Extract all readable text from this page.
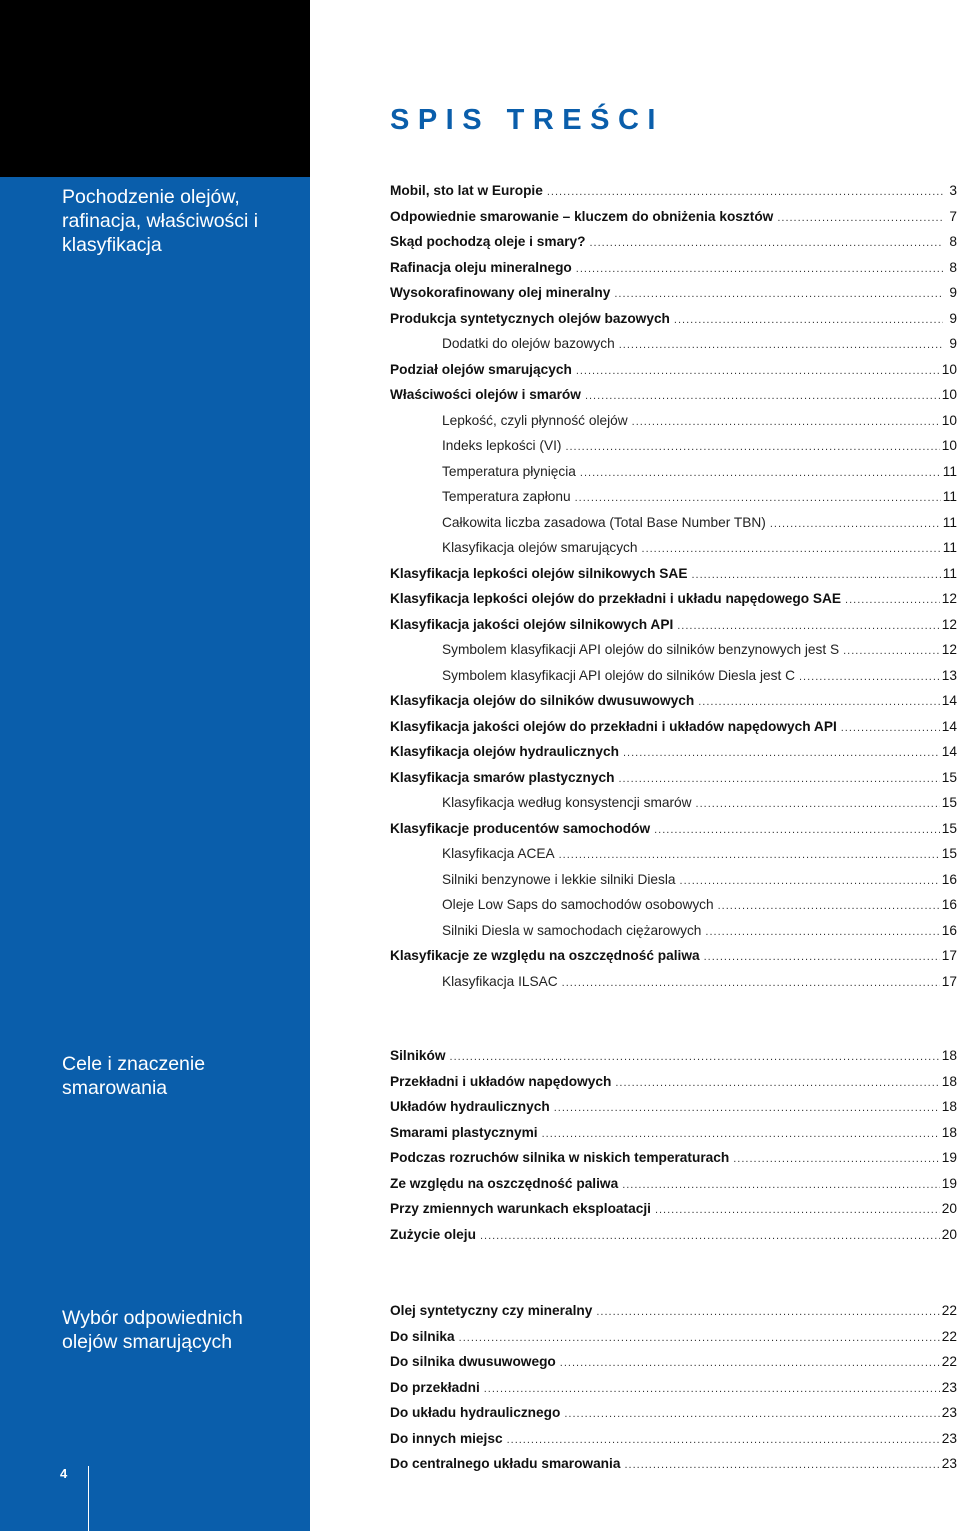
SPIS TREŚCI
Pochodzenie olejów, rafinacja, właściwości i klasyfikacja
Mobil, sto lat w Europie .....	3
Odpowiednie smarowanie – kluczem do obniżenia kosztów .....	7
Skąd pochodzą oleje i smary? .....	8
Rafinacja oleju mineralnego .....	8
Wysokorafinowany olej mineralny .....	9
Produkcja syntetycznych olejów bazowych .....	9
Dodatki do olejów bazowych .....	9
Podział olejów smarujących .....	10
Właściwości olejów i smarów .....	10
Lepkość, czyli płynność olejów .....	10
Indeks lepkości (VI) .....	10
Temperatura płynięcia .....	11
Temperatura zapłonu .....	11
Całkowita liczba zasadowa (Total Base Number TBN) .....	11
Klasyfikacja olejów smarujących .....	11
Klasyfikacja lepkości olejów silnikowych SAE .....	11
Klasyfikacja lepkości olejów do przekładni i układu napędowego SAE .....	12
Klasyfikacja jakości olejów silnikowych API .....	12
Symbolem klasyfikacji API olejów do silników benzynowych jest S .....	12
Symbolem klasyfikacji API olejów do silników Diesla jest C .....	13
Klasyfikacja olejów do silników dwusuwowych .....	14
Klasyfikacja jakości olejów do przekładni i układów napędowych API .....	14
Klasyfikacja olejów hydraulicznych .....	14
Klasyfikacja smarów plastycznych .....	15
Klasyfikacja według konsystencji smarów .....	15
Klasyfikacje producentów samochodów .....	15
Klasyfikacja ACEA .....	15
Silniki benzynowe i lekkie silniki Diesla .....	16
Oleje Low Saps do samochodów osobowych .....	16
Silniki Diesla w samochodach ciężarowych .....	16
Klasyfikacje ze względu na oszczędność paliwa .....	17
Klasyfikacja ILSAC .....	17
Cele i znaczenie smarowania
Silników .....	18
Przekładni i układów napędowych .....	18
Układów hydraulicznych .....	18
Smarami plastycznymi .....	18
Podczas rozruchów silnika w niskich temperaturach .....	19
Ze względu na oszczędność paliwa .....	19
Przy zmiennych warunkach eksploatacji .....	20
Zużycie oleju .....	20
Wybór odpowiednich olejów smarujących
Olej syntetyczny czy mineralny .....	22
Do silnika .....	22
Do silnika dwusuwowego .....	22
Do przekładni .....	23
Do układu hydraulicznego .....	23
Do innych miejsc .....	23
Do centralnego układu smarowania .....	23
4
